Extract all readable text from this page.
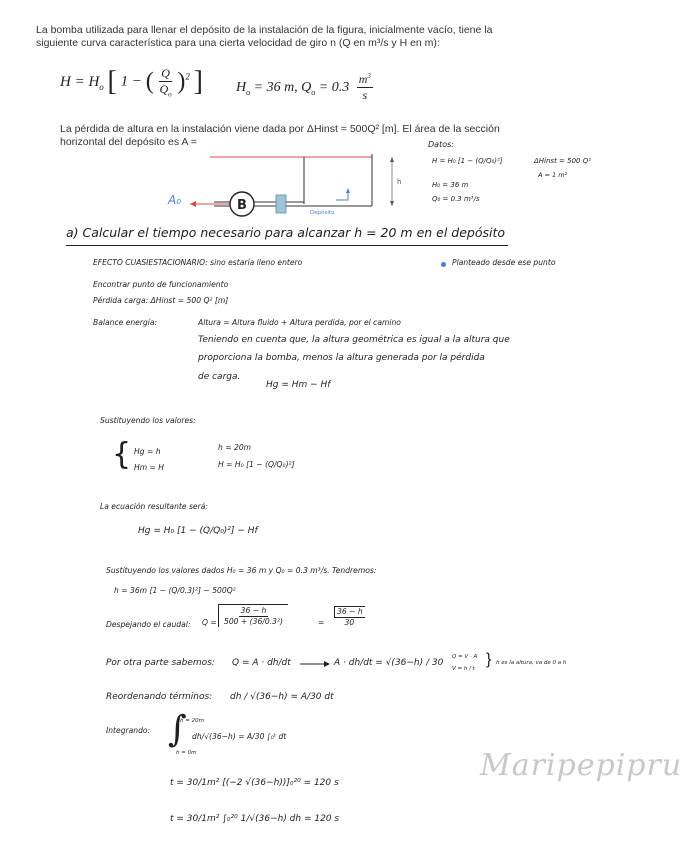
La bomba utilizada para llenar el depósito de la instalación de la figura, inicialmente vacío, tiene la
siguiente curva característica para una cierta velocidad de giro n (Q en m³/s y H en m):
$H = H_o$ [ 1 − ( $\frac{Q}{Q_o} )^2$ ] $H_o = 36$ m, $Q_o = 0.3 \frac{m^3}{s}$
La pérdida de altura en la instalación viene dada por ΔHinst = 500Q² [m]. El área de la sección
horizontal del depósito es A =
B
h
Depósito
A₀
Datos:
H = H₀ [1 − (Q/Q₀)²]	ΔHinst = 500 Q²
A = 1 m²
H₀ = 36 m
Q₀ = 0.3 m³/s
a) Calcular el tiempo necesario para alcanzar h = 20 m en el depósito
EFECTO CUASIESTACIONARIO: sino estaría lleno entero	Planteado desde ese punto
Encontrar punto de funcionamiento
Pérdida carga: ΔHinst = 500 Q² [m]
Balance energía:	Altura = Altura fluido + Altura perdida, por el camino
Teniendo en cuenta que, la altura geométrica es igual a la altura que
proporciona la bomba, menos la altura generada por la pérdida
de carga.
Hg = Hm − Hf
Sustituyendo los valores:
{ Hg = h
Hm = H
h = 20m
H = H₀ [1 − (Q/Q₀)²]
La ecuación resultante será:
Hg = H₀ [1 − (Q/Q₀)²] − Hf
Sustituyendo los valores dados H₀ = 36 m y Q₀ = 0.3 m³/s. Tendremos:
h = 36m [1 − (Q/0.3)²] − 500Q²
Despejando el caudal: $Q = \frac{36 - h}{\text{500 + (36/0.3²)}}$	= $\frac{36 - h}{30}$
Por otra parte sabemos: Q = A · dh/dt	A · dh/dt = √(36−h) / 30
Q = V · A
V = h / t
} h es la altura, va de 0 a h
Reordenando términos: dh / √(36−h) = A/30 dt
Integrando: ∫
h = 20m
h = 0m
dh/√(36−h) = A/30 ∫₀ᵗ dt
t = 30/1m² [(−2 √(36−h))]₀²⁰ = 120 s
t = 30/1m² ∫₀²⁰ 1/√(36−h) dh = 120 s
Maripepipru
